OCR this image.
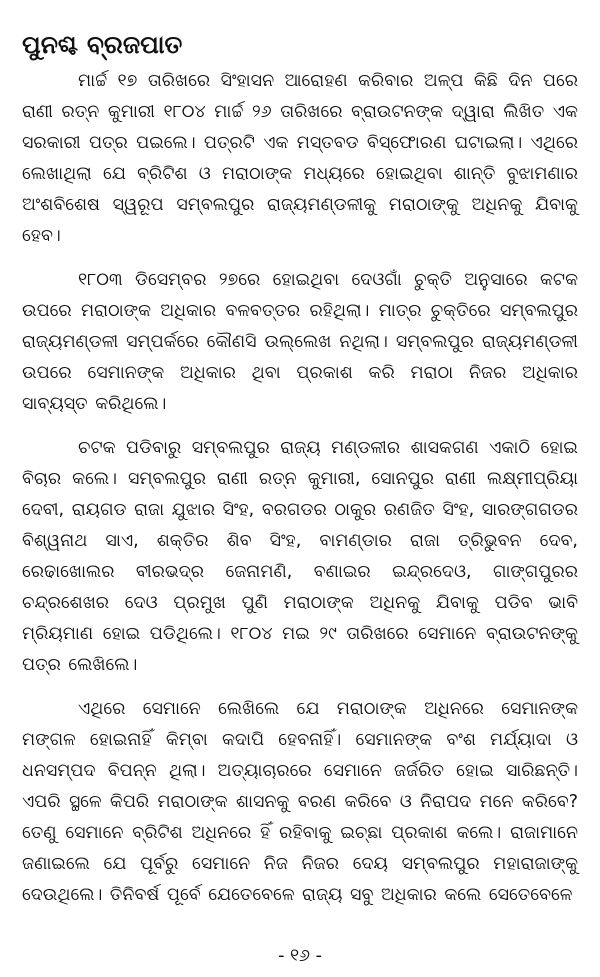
ପୁନଶ୍ଚ ବ୍ରଜପାତ

ମାର୍ଚ୍ଚ ୧୭ ତାରିଖରେ ସିଂହାସନ ଆରୋହଣ କରିବାର ଅଳ୍ପ କିଛି ଦିନ ପରେ ରାଣୀ ରତ୍ନ କୁମାରୀ ୧୮୦୪ ମାର୍ଚ୍ଚ ୨୬ ତାରିଖରେ ବ୍ରାଉଟନଙ୍କ ଦ୍ୱାରା ଲିଖିତ ଏକ ସରକାରୀ ପତ୍ର ପଇଲେ। ପତ୍ରଟି ଏକ ମସ୍ତବଡ ବିସ୍ଫୋରଣ ଘଟାଇଲା। ଏଥିରେ ଲେଖାଥିଲା ଯେ ବ୍ରିଟିଶ ଓ ମରାଠାଙ୍କ ମଧ୍ୟରେ ହୋଇଥିବା ଶାନ୍ତି ବୁଝାମଣାର ଅଂଶବିଶେଷ ସ୍ୱରୂପ ସମ୍ବଲପୁର ରାଜ୍ୟମଣ୍ଡଳୀକୁ ମରାଠାଙ୍କୁ ଅଧିନକୁ ଯିବାକୁ ହେବ।

୧୮୦୩ ଡିସେମ୍ବର ୨୭ରେ ହୋଇଥିବା ଦେଓଗାଁ ଚୁକ୍ତି ଅନୁସାରେ କଟକ ଉପରେ ମରାଠାଙ୍କ ଅଧିକାର ବଳବତ୍ତର ରହିଥିଲା। ମାତ୍ର ଚୁକ୍ତିରେ ସମ୍ବଲପୁର ରାଜ୍ୟମଣ୍ଡଳୀ ସମ୍ପର୍କରେ କୌଣସି ଉଲ୍ଲେଖ ନଥିଲା। ସମ୍ବଲପୁର ରାଜ୍ୟମଣ୍ଡଳୀ ଉପରେ ସେମାନଙ୍କ ଅଧିକାର ଥିବା ପ୍ରକାଶ କରି ମରାଠା ନିଜର ଅଧିକାର ସାବ୍ୟସ୍ତ କରିଥିଲେ।

ଚଟକ ପଡିବାରୁ ସମ୍ବଲପୁର ରାଜ୍ୟ ମଣ୍ଡଳୀର ଶାସକଗଣ ଏକାଠି ହୋଇ ବିଚାର କଲେ। ସମ୍ବଲପୁର ରାଣୀ ରତ୍ନ କୁମାରୀ, ସୋନପୁର ରାଣୀ ଲକ୍ଷ୍ମୀପ୍ରିୟା ଦେବୀ, ରାୟଗଡ ରାଜା ଯୁଝାର ସିଂହ, ବରଗଡର ଠାକୁର ରଣଜିତ ସିଂହ, ସାରଙ୍ଗଗଡର ବିଶ୍ୱନାଥ ସାଏ, ଶକ୍ତିର ଶିବ ସିଂହ, ବାମଣ୍ଡାର ରାଜା ତ୍ରିଭୁବନ ଦେବ, ରେଢାଖୋଲର ବୀରଭଦ୍ର ଜେନାମଣି, ବଣାଇର ଇନ୍ଦ୍ରଦେଓ, ଗାଙ୍ଗପୁରର ଚନ୍ଦ୍ରଶେଖର ଦେଓ ପ୍ରମୁଖ ପୁଣି ମରାଠାଙ୍କ ଅଧିନକୁ ଯିବାକୁ ପଡିବ ଭାବି ମ୍ରିୟମାଣ ହୋଇ ପଡିଥିଲେ। ୧୮୦୪ ମଇ ୨୯ ତାରିଖରେ ସେମାନେ ବ୍ରାଉଟନଙ୍କୁ ପତ୍ର ଲେଖିଲେ।

ଏଥିରେ ସେମାନେ ଲେଖିଲେ ଯେ ମରାଠାଙ୍କ ଅଧିନରେ ସେମାନଙ୍କ ମଙ୍ଗଳ ହୋଇନାହିଁ କିମ୍ବା କଦାପି ହେବନାହିଁ। ସେମାନଙ୍କ ବଂଶ ମର୍ଯ୍ୟାଦା ଓ ଧନସମ୍ପଦ ବିପନ୍ନ ଥିଲା। ଅତ୍ୟାଚାରରେ ସେମାନେ ଜର୍ଜରିତ ହୋଇ ସାରିଛନ୍ତି। ଏପରି ସ୍ଥଳେ କିପରି ମରାଠାଙ୍କ ଶାସନକୁ ବରଣ କରିବେ ଓ ନିରାପଦ ମନେ କରିବେ? ତେଣୁ ସେମାନେ ବ୍ରିଟିଶ ଅଧିନରେ ହିଁ ରହିବାକୁ ଇଚ୍ଛା ପ୍ରକାଶ କଲେ। ରାଜାମାନେ ଜଣାଇଲେ ଯେ ପୂର୍ବରୁ ସେମାନେ ନିଜ ନିଜର ଦେୟ ସମ୍ବଲପୁର ମହାରାଜାଙ୍କୁ ଦେଉଥିଲେ। ତିନିବର୍ଷ ପୂର୍ବେ ଯେତେବେଳେ ରାଜ୍ୟ ସବୁ ଅଧିକାର କଲେ ସେତେବେଳେ

- ୧୬ -
